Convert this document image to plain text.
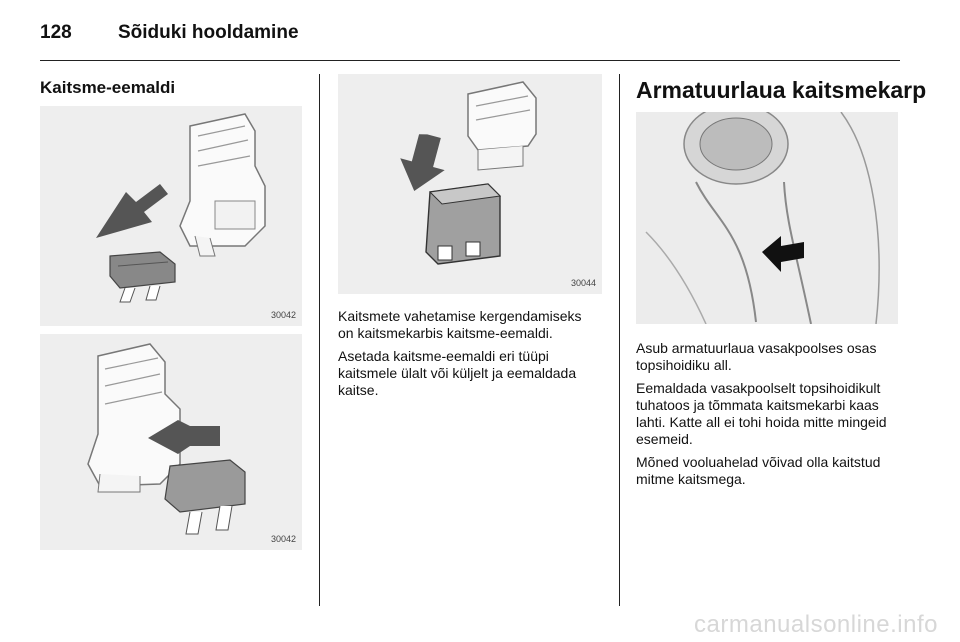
128	Sõiduki hooldamine
Kaitsme-eemaldi
30042
30042
30044

Kaitsmete vahetamise kergendamiseks on kaitsmekarbis kaitsme-eemaldi.

Asetada kaitsme-eemaldi eri tüüpi kaitsmele ülalt või küljelt ja eemaldada kaitse.

Armatuurlaua kaitsmekarp

Asub armatuurlaua vasakpoolses osas topsihoidiku all.

Eemaldada vasakpoolselt topsihoidikult tuhatoos ja tõmmata kaitsmekarbi kaas lahti. Katte all ei tohi hoida mitte mingeid esemeid.

Mõned vooluahelad võivad olla kaitstud mitme kaitsmega.

carmanualsonline.info
